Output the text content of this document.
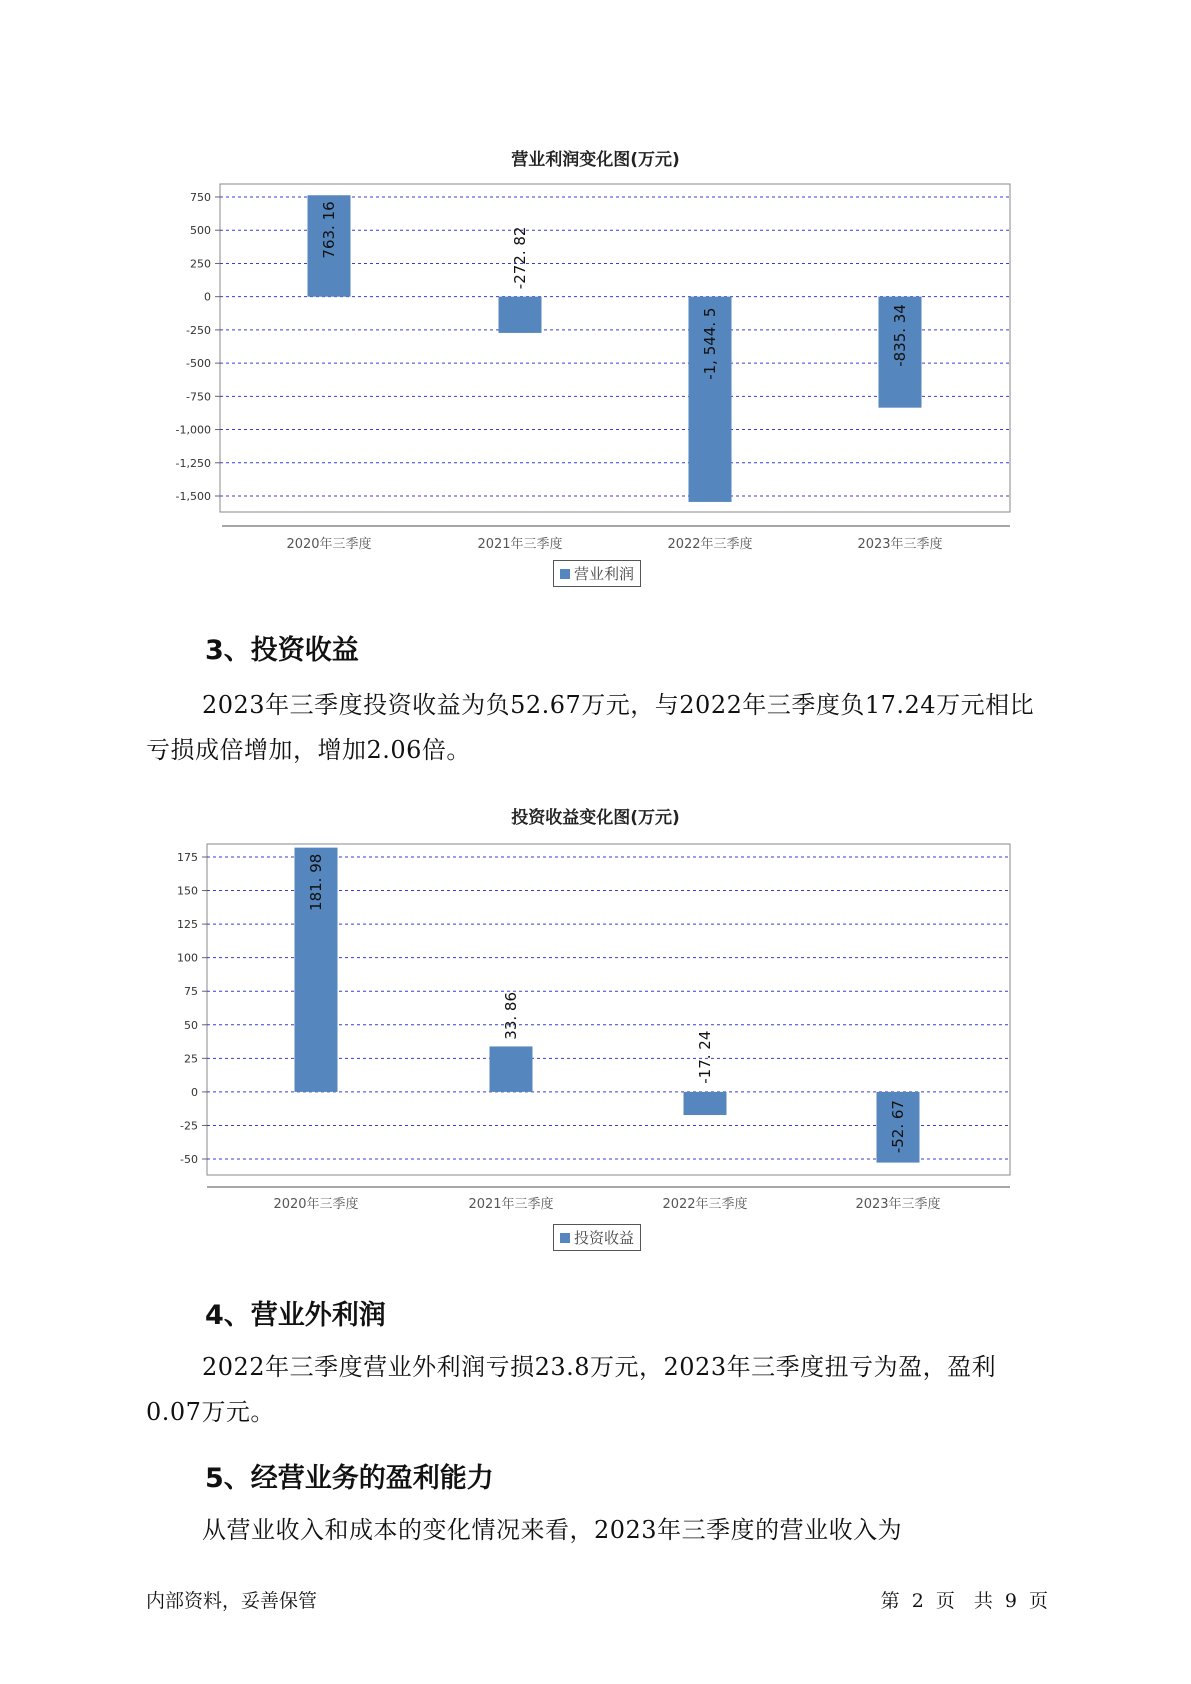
营业利润变化图(万元)
750
500
250
0
-250
-500
-750
-1,000
-1,250
-1,500
763. 16
2020年三季度
-272. 82
2021年三季度
-1, 544. 5
2022年三季度
-835. 34
2023年三季度
营业利润
3、投资收益
2023年三季度投资收益为负52.67万元，与2022年三季度负17.24万元相比亏损成倍增加，增加2.06倍。
投资收益变化图(万元)
175
150
125
100
75
50
25
0
-25
-50
181. 98
2020年三季度
33. 86
2021年三季度
-17. 24
2022年三季度
-52. 67
2023年三季度
投资收益
4、营业外利润
2022年三季度营业外利润亏损23.8万元，2023年三季度扭亏为盈，盈利0.07万元。
5、经营业务的盈利能力
从营业收入和成本的变化情况来看，2023年三季度的营业收入为
内部资料，妥善保管	第 2 页　共 9 页
